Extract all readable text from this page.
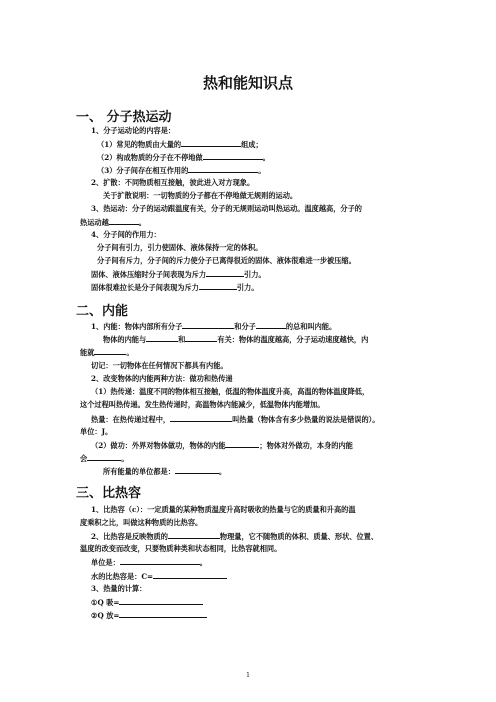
热和能知识点
一、 分子热运动
1、分子运动论的内容是：
（1）常见的物质由大量的	组成；
（2）构成物质的分子在不停地做	。
（3）分子间存在相互作用的	。
2、扩散：不同物质相互接触，彼此进入对方现象。
关于扩散说明：一切物质的分子都在不停地做无规则的运动。
3、热运动：分子的运动跟温度有关，分子的无规则运动叫热运动。温度越高，分子的
热运动越	。
4、分子间的作用力：
分子间有引力，引力使固体、液体保持一定的体积。
分子间有斥力，分子间的斥力使分子已离得很近的固体、液体很难进一步被压缩。
固体、液体压缩时分子间表现为斥力	引力。
固体很难拉长是分子间表现为斥力	引力。
二、内能
1、内能：物体内部所有分子	和分子	的总和叫内能。
物体的内能与	和	有关：物体的温度越高，分子运动速度越快，内
能就	。
切记：一切物体在任何情况下都具有内能。
2、改变物体的内能两种方法：做功和热传递
（1）热传递：温度不同的物体相互接触，低温的物体温度升高，高温的物体温度降低，
这个过程叫热传递。发生热传递时，高温物体内能减少，低温物体内能增加。
热量：在热传递过程中，	叫热量（物体含有多少热量的说法是错误的）。
单位：J。
（2）做功：外界对物体做功，物体的内能	；物体对外做功，本身的内能
会	。
所有能量的单位都是：	。
三、比热容
1、比热容（c）：一定质量的某种物质温度升高时吸收的热量与它的质量和升高的温
度乘积之比，叫做这种物质的比热容。
2、比热容是反映物质的	物理量，它不随物质的体积、质量、形状、位置、
温度的改变而改变，只要物质种类和状态相同，比热容就相同。
单位是：	。
水的比热容是：C=
3、热量的计算：
①Q 吸=
②Q 放=
1
